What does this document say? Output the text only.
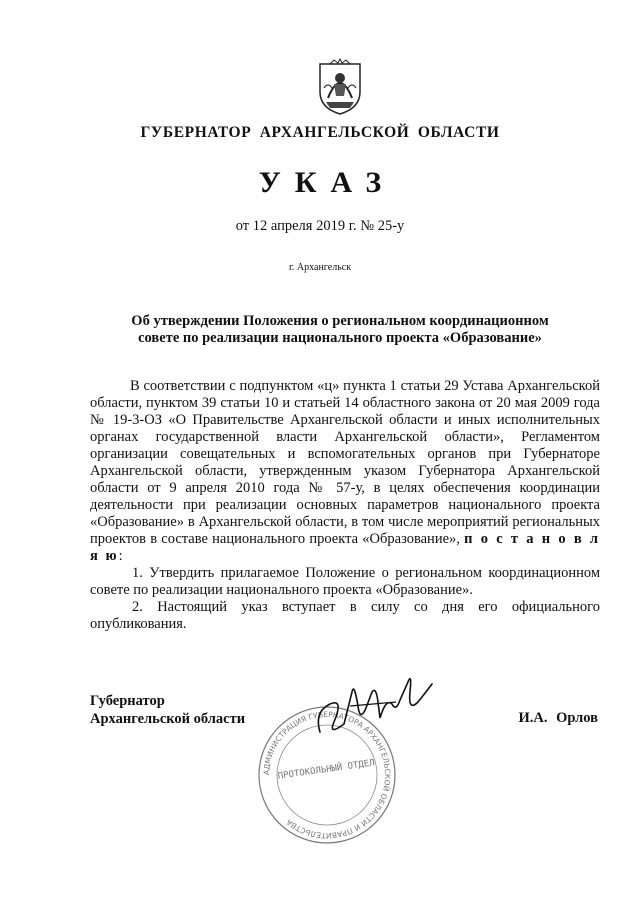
ГУБЕРНАТОР АРХАНГЕЛЬСКОЙ ОБЛАСТИ
УКАЗ
от 12 апреля 2019 г. № 25-у
г. Архангельск
Об утверждении Положения о региональном координационном
совете по реализации национального проекта «Образование»

В соответствии с подпунктом «ц» пункта 1 статьи 29 Устава Архангельской области, пунктом 39 статьи 10 и статьей 14 областного закона от 20 мая 2009 года № 19-3-ОЗ «О Правительстве Архангельской области и иных исполнительных органах государственной власти Архангельской области», Регламентом организации совещательных и вспомогательных органов при Губернаторе Архангельской области, утвержденным указом Губернатора Архангельской области от 9 апреля 2010 года № 57-у, в целях обеспечения координации деятельности при реализации основных параметров национального проекта «Образование» в Архангельской области, в том числе мероприятий региональных проектов в составе национального проекта «Образование», п о с т а н о в л я ю:

1. Утвердить прилагаемое Положение о региональном координационном совете по реализации национального проекта «Образование».

2. Настоящий указ вступает в силу со дня его официального опубликования.

Губернатор
Архангельской области
АДМИНИСТРАЦИЯ ГУБЕРНАТОРА АРХАНГЕЛЬСКОЙ ОБЛАСТИ И ПРАВИТЕЛЬСТВА
ПРОТОКОЛЬНЫЙ ОТДЕЛ
И.А. Орлов
